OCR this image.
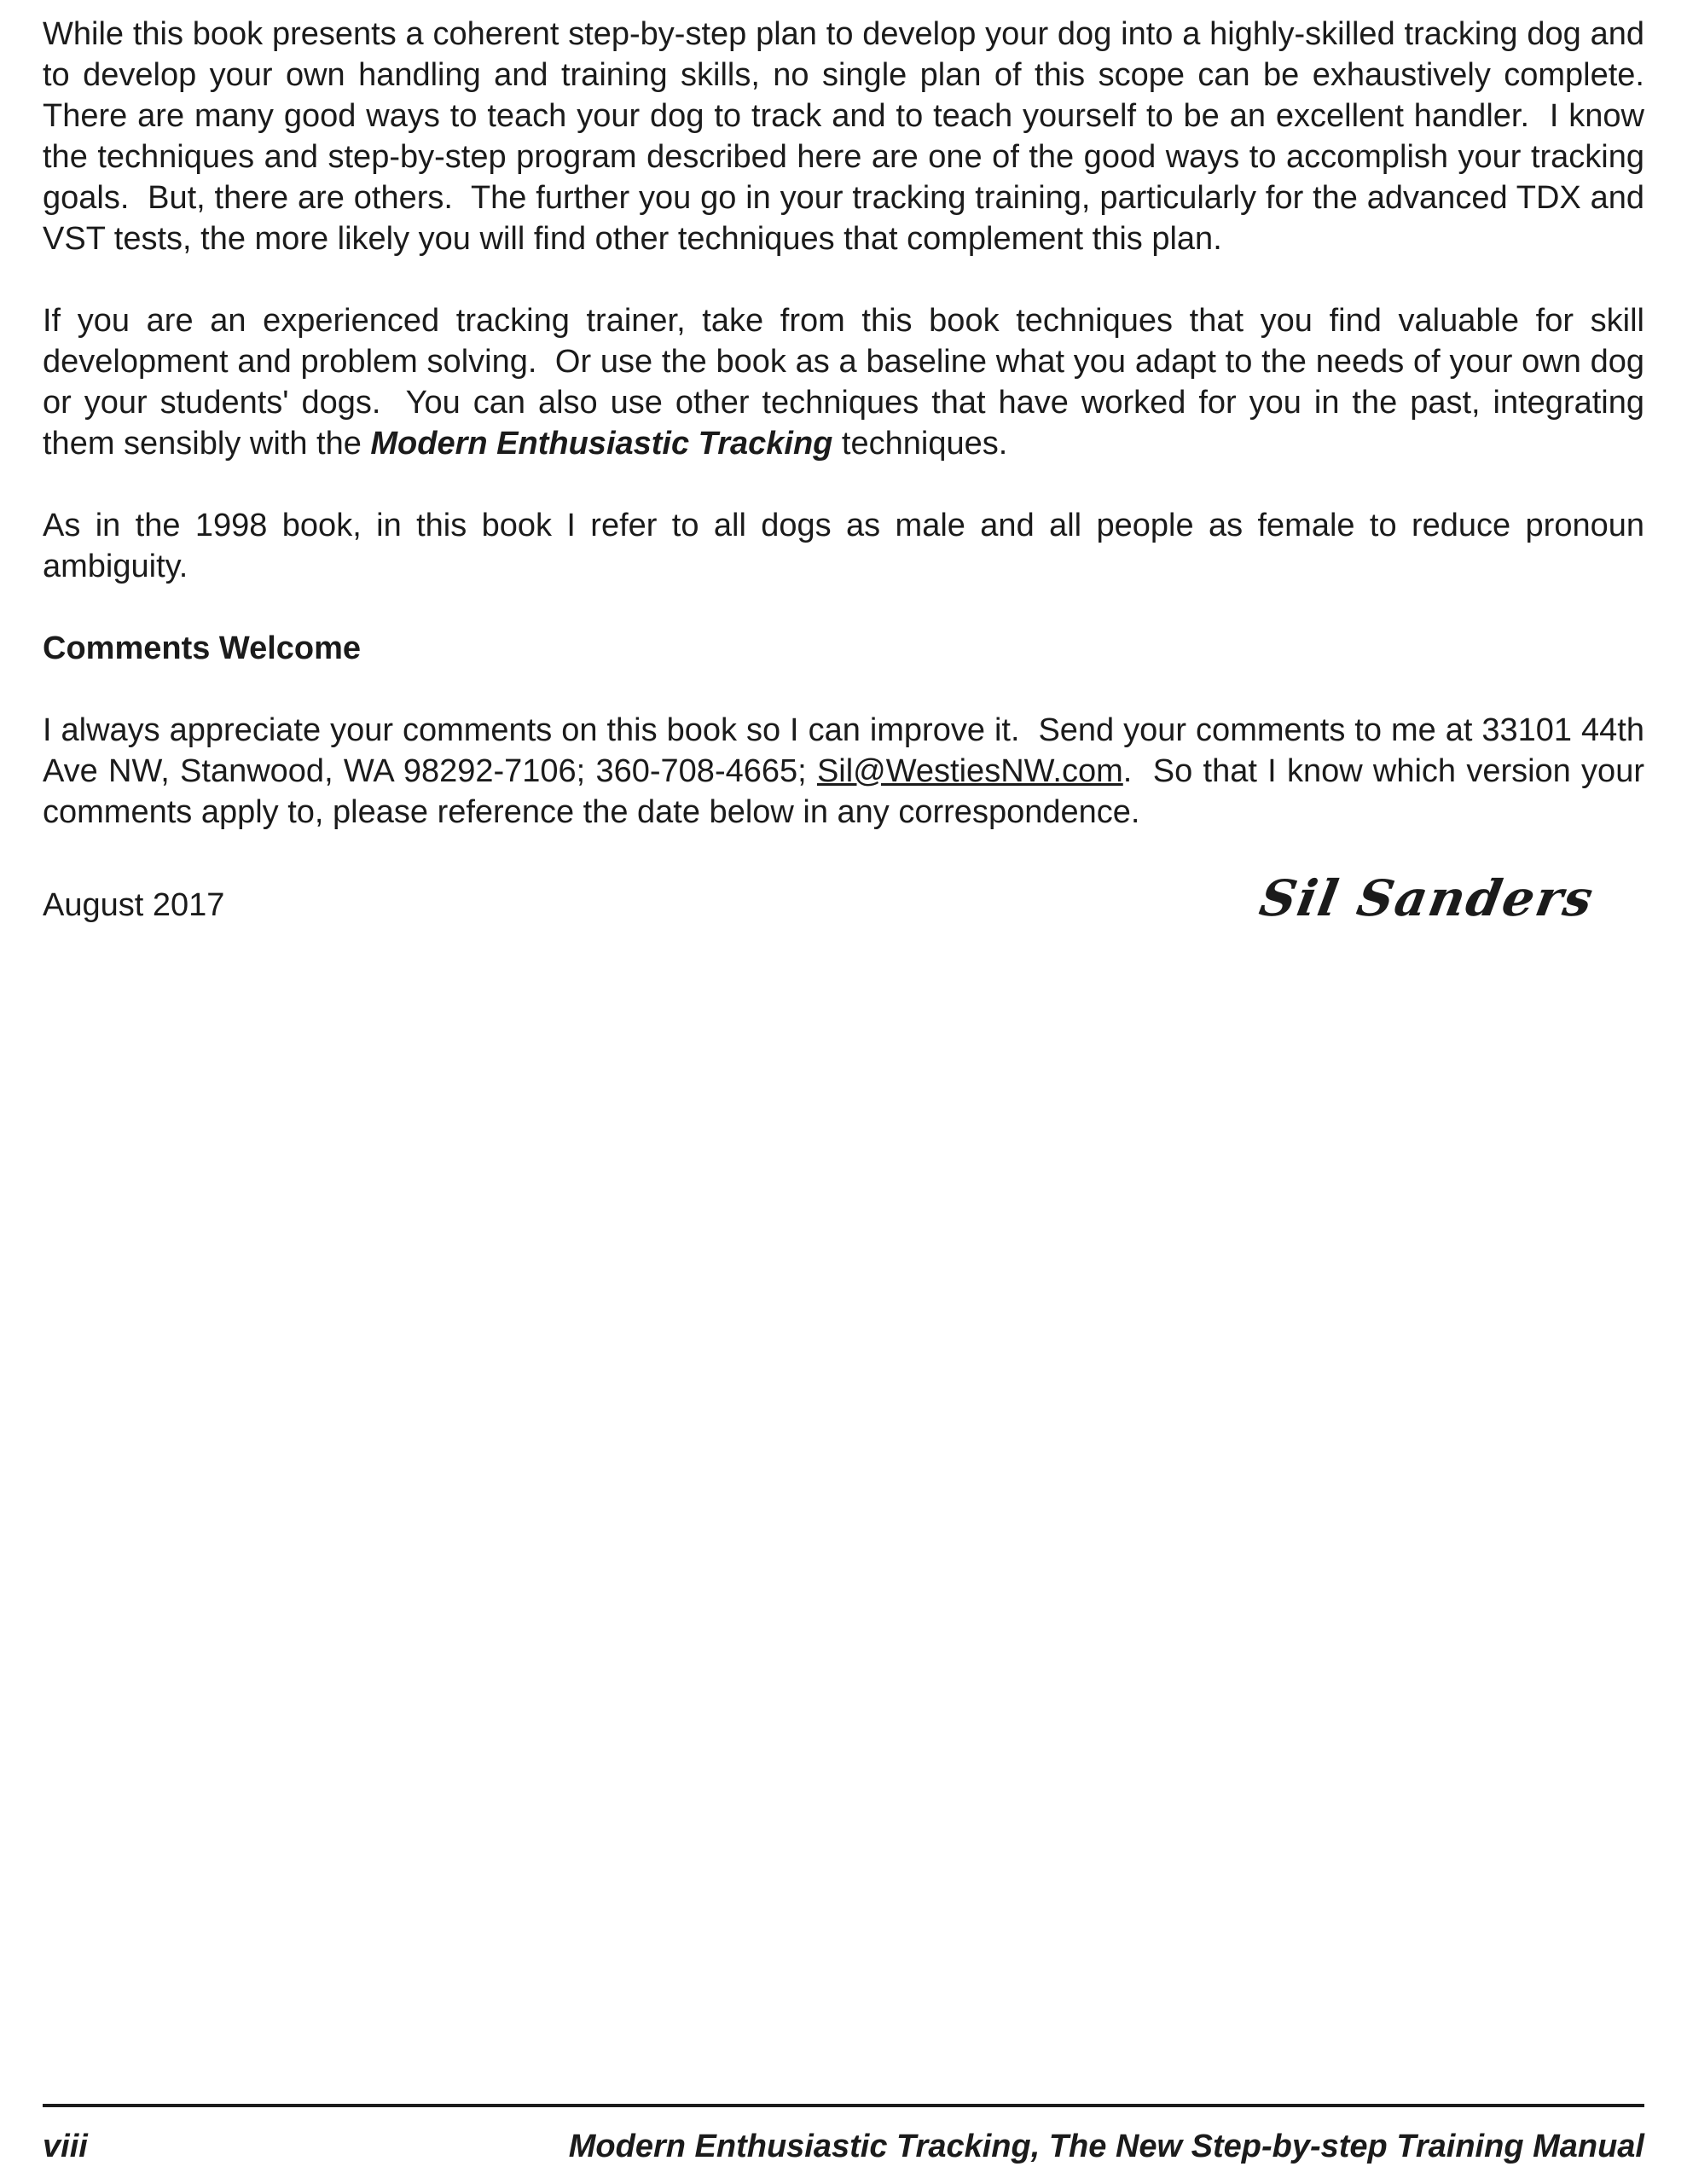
While this book presents a coherent step-by-step plan to develop your dog into a highly-skilled tracking dog and to develop your own handling and training skills, no single plan of this scope can be exhaustively complete.  There are many good ways to teach your dog to track and to teach yourself to be an excellent handler.  I know the techniques and step-by-step program described here are one of the good ways to accomplish your tracking goals.  But, there are others.  The further you go in your tracking training, particularly for the advanced TDX and VST tests, the more likely you will find other techniques that complement this plan.

If you are an experienced tracking trainer, take from this book techniques that you find valuable for skill development and problem solving.  Or use the book as a baseline what you adapt to the needs of your own dog or your students' dogs.  You can also use other techniques that have worked for you in the past, integrating them sensibly with the Modern Enthusiastic Tracking techniques.

As in the 1998 book, in this book I refer to all dogs as male and all people as female to reduce pronoun ambiguity.

Comments Welcome

I always appreciate your comments on this book so I can improve it.  Send your comments to me at 33101 44th Ave NW, Stanwood, WA 98292-7106; 360-708-4665; Sil@WestiesNW.com.  So that I know which version your comments apply to, please reference the date below in any correspondence.

August 2017	Sil Sanders
viii	Modern Enthusiastic Tracking, The New Step-by-step Training Manual
